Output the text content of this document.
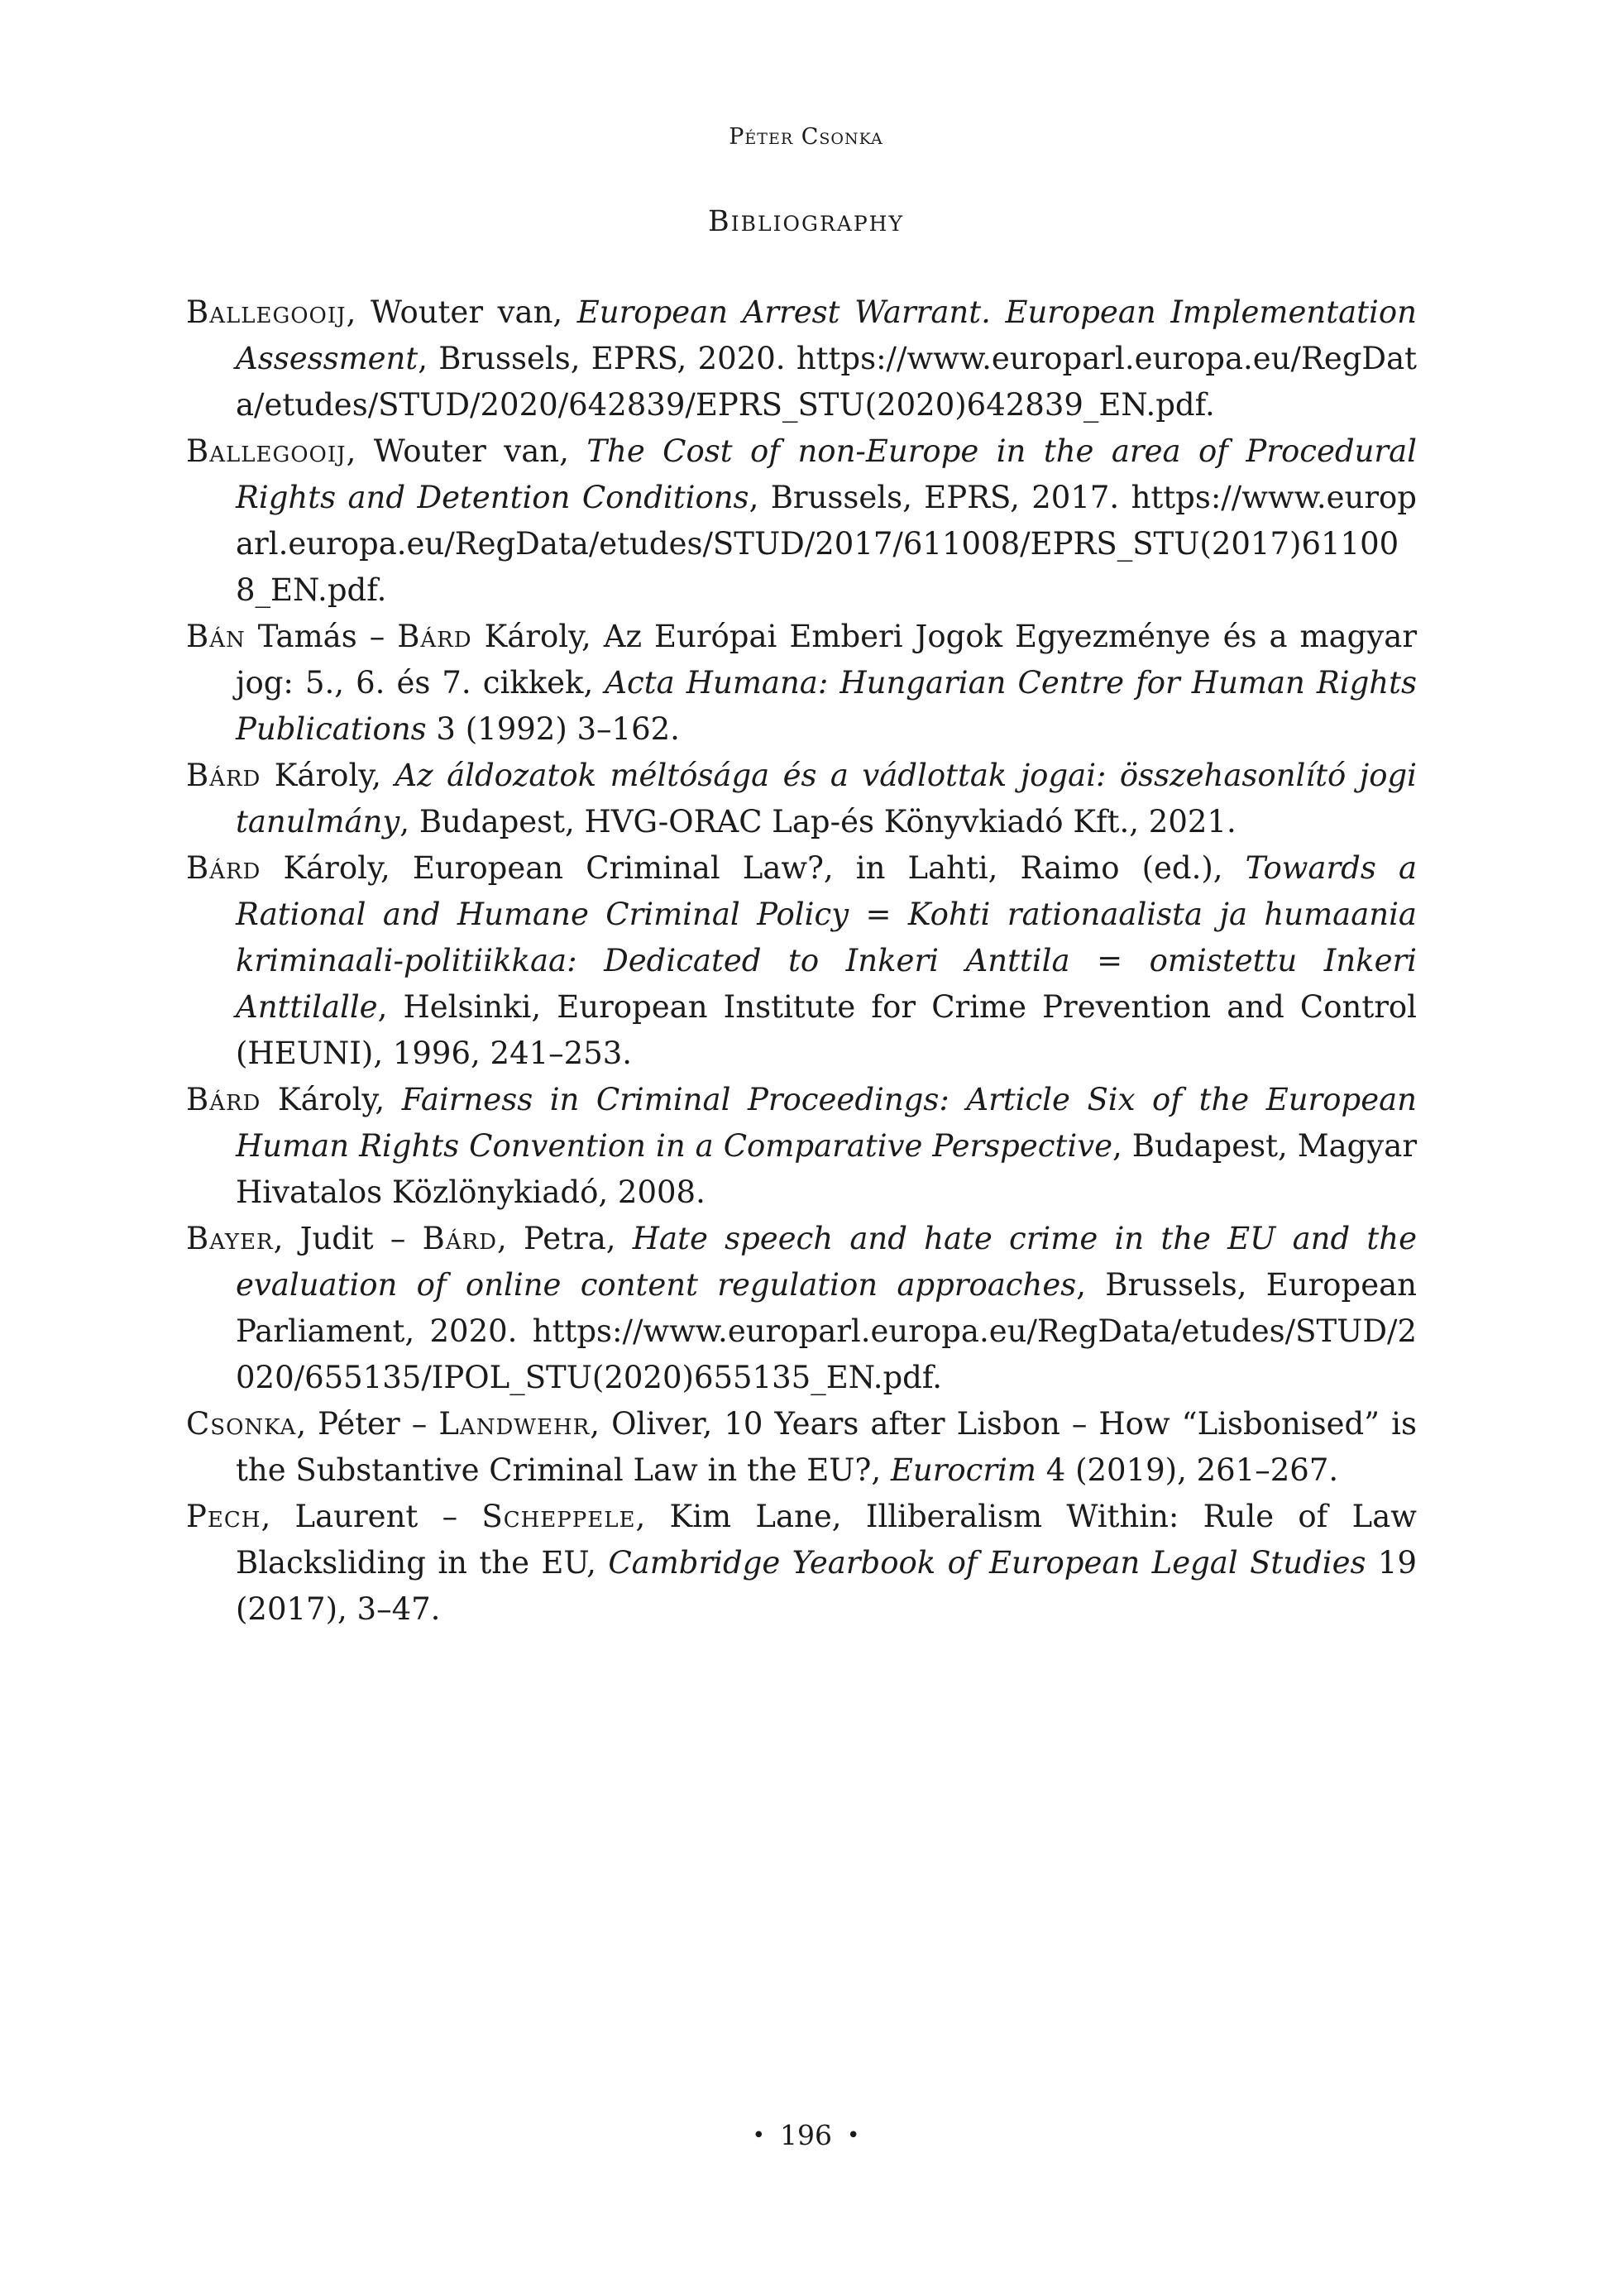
Péter Csonka
Bibliography

Ballegooij, Wouter van, European Arrest Warrant. European Implementation Assessment, Brussels, EPRS, 2020. https://www.europarl.europa.eu/RegData/etudes/STUD/2020/642839/EPRS_STU(2020)642839_EN.pdf.

Ballegooij, Wouter van, The Cost of non-Europe in the area of Procedural Rights and Detention Conditions, Brussels, EPRS, 2017. https://www.europarl.europa.eu/RegData/etudes/STUD/2017/611008/EPRS_STU(2017)611008_EN.pdf.

Bán Tamás – Bárd Károly, Az Európai Emberi Jogok Egyezménye és a magyar jog: 5., 6. és 7. cikkek, Acta Humana: Hungarian Centre for Human Rights Publications 3 (1992) 3–162.

Bárd Károly, Az áldozatok méltósága és a vádlottak jogai: összehasonlító jogi tanulmány, Budapest, HVG-ORAC Lap-és Könyvkiadó Kft., 2021.

Bárd Károly, European Criminal Law?, in Lahti, Raimo (ed.), Towards a Rational and Humane Criminal Policy = Kohti rationaalista ja humaania kriminaali-politiikkaa: Dedicated to Inkeri Anttila = omistettu Inkeri Anttilalle, Helsinki, European Institute for Crime Prevention and Control (HEUNI), 1996, 241–253.

Bárd Károly, Fairness in Criminal Proceedings: Article Six of the European Human Rights Convention in a Comparative Perspective, Budapest, Magyar Hivatalos Közlönykiadó, 2008.

Bayer, Judit – Bárd, Petra, Hate speech and hate crime in the EU and the evaluation of online content regulation approaches, Brussels, European Parliament, 2020. https://www.europarl.europa.eu/RegData/etudes/STUD/2020/655135/IPOL_STU(2020)655135_EN.pdf.

Csonka, Péter – Landwehr, Oliver, 10 Years after Lisbon – How “Lisbonised” is the Substantive Criminal Law in the EU?, Eurocrim 4 (2019), 261–267.

Pech, Laurent – Scheppele, Kim Lane, Illiberalism Within: Rule of Law Blacksliding in the EU, Cambridge Yearbook of European Legal Studies 19 (2017), 3–47.

• 196 •
